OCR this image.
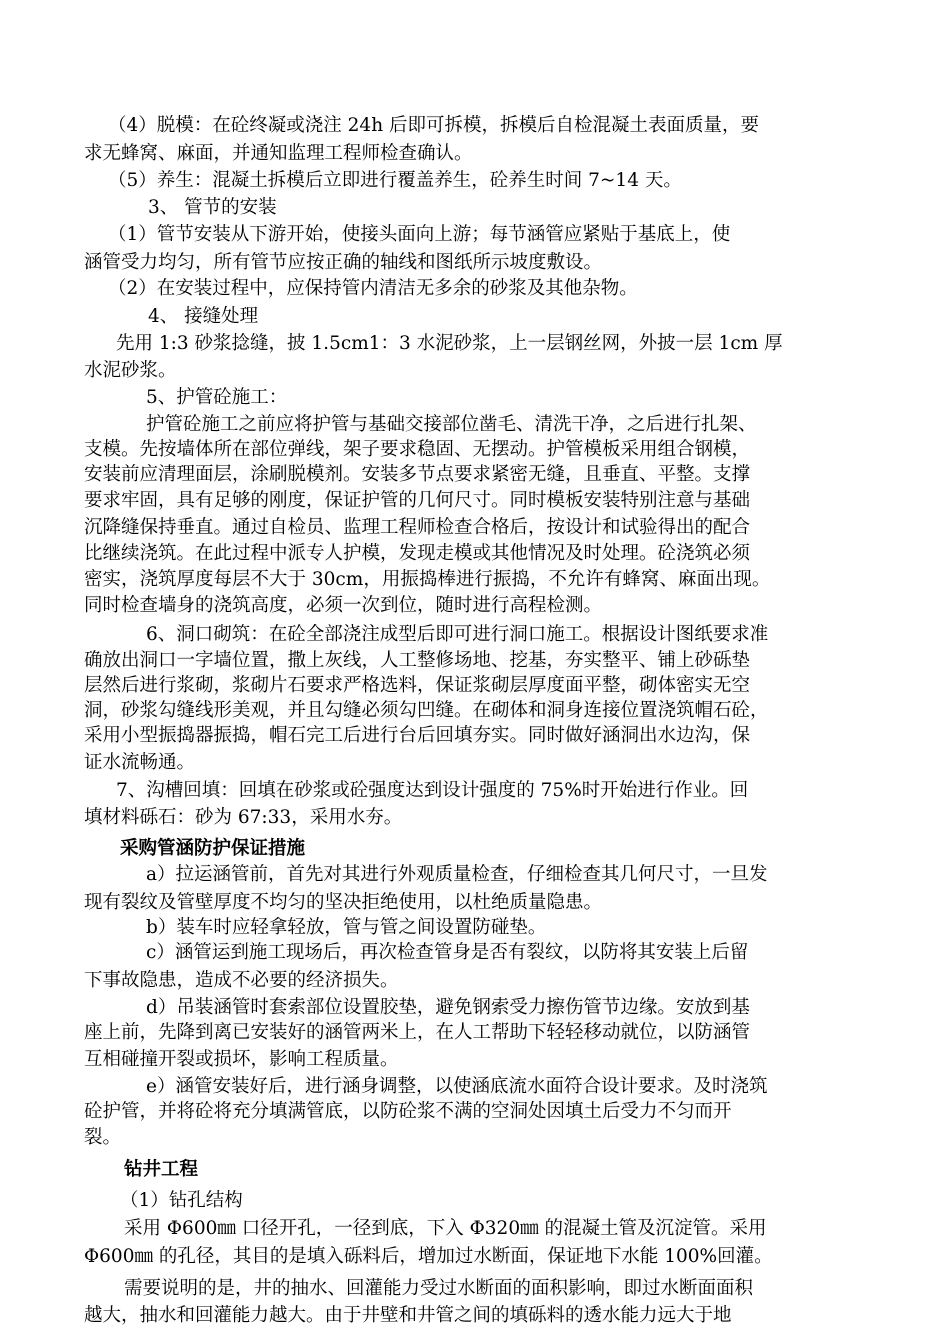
（4）脱模：在砼终凝或浇注 24h 后即可拆模，拆模后自检混凝土表面质量，要
求无蜂窝、麻面，并通知监理工程师检查确认。
（5）养生：混凝土拆模后立即进行覆盖养生，砼养生时间 7~14 天。
3、 管节的安装
（1）管节安装从下游开始，使接头面向上游；每节涵管应紧贴于基底上，使
涵管受力均匀，所有管节应按正确的轴线和图纸所示坡度敷设。
（2）在安装过程中，应保持管内清洁无多余的砂浆及其他杂物。
4、 接缝处理
先用 1:3 砂浆捻缝，披 1.5cm1：3 水泥砂浆，上一层钢丝网，外披一层 1cm 厚
水泥砂浆。
5、护管砼施工：
护管砼施工之前应将护管与基础交接部位凿毛、清洗干净，之后进行扎架、
支模。先按墙体所在部位弹线，架子要求稳固、无摆动。护管模板采用组合钢模，
安装前应清理面层，涂刷脱模剂。安装多节点要求紧密无缝，且垂直、平整。支撑
要求牢固，具有足够的刚度，保证护管的几何尺寸。同时模板安装特别注意与基础
沉降缝保持垂直。通过自检员、监理工程师检查合格后，按设计和试验得出的配合
比继续浇筑。在此过程中派专人护模，发现走模或其他情况及时处理。砼浇筑必须
密实，浇筑厚度每层不大于 30cm，用振捣棒进行振捣，不允许有蜂窝、麻面出现。
同时检查墙身的浇筑高度，必须一次到位，随时进行高程检测。
6、洞口砌筑：在砼全部浇注成型后即可进行洞口施工。根据设计图纸要求准
确放出洞口一字墙位置，撒上灰线，人工整修场地、挖基，夯实整平、铺上砂砾垫
层然后进行浆砌，浆砌片石要求严格选料，保证浆砌层厚度面平整，砌体密实无空
洞，砂浆勾缝线形美观，并且勾缝必须勾凹缝。在砌体和洞身连接位置浇筑帽石砼，
采用小型振捣器振捣，帽石完工后进行台后回填夯实。同时做好涵洞出水边沟，保
证水流畅通。
7、沟槽回填：回填在砂浆或砼强度达到设计强度的 75%时开始进行作业。回
填材料砾石：砂为 67:33，采用水夯。
采购管涵防护保证措施
a）拉运涵管前，首先对其进行外观质量检查，仔细检查其几何尺寸，一旦发
现有裂纹及管壁厚度不均匀的坚决拒绝使用，以杜绝质量隐患。
b）装车时应轻拿轻放，管与管之间设置防碰垫。
c）涵管运到施工现场后，再次检查管身是否有裂纹，以防将其安装上后留
下事故隐患，造成不必要的经济损失。
d）吊装涵管时套索部位设置胶垫，避免钢索受力擦伤管节边缘。安放到基
座上前，先降到离已安装好的涵管两米上，在人工帮助下轻轻移动就位，以防涵管
互相碰撞开裂或损坏，影响工程质量。
e）涵管安装好后，进行涵身调整，以使涵底流水面符合设计要求。及时浇筑
砼护管，并将砼将充分填满管底，以防砼浆不满的空洞处因填土后受力不匀而开
裂。
钻井工程
（1）钻孔结构
采用 Φ600㎜ 口径开孔，一径到底，下入 Φ320㎜ 的混凝土管及沉淀管。采用
Φ600㎜ 的孔径，其目的是填入砾料后，增加过水断面，保证地下水能 100%回灌。
需要说明的是，井的抽水、回灌能力受过水断面的面积影响，即过水断面面积
越大，抽水和回灌能力越大。由于井壁和井管之间的填砾料的透水能力远大于地
